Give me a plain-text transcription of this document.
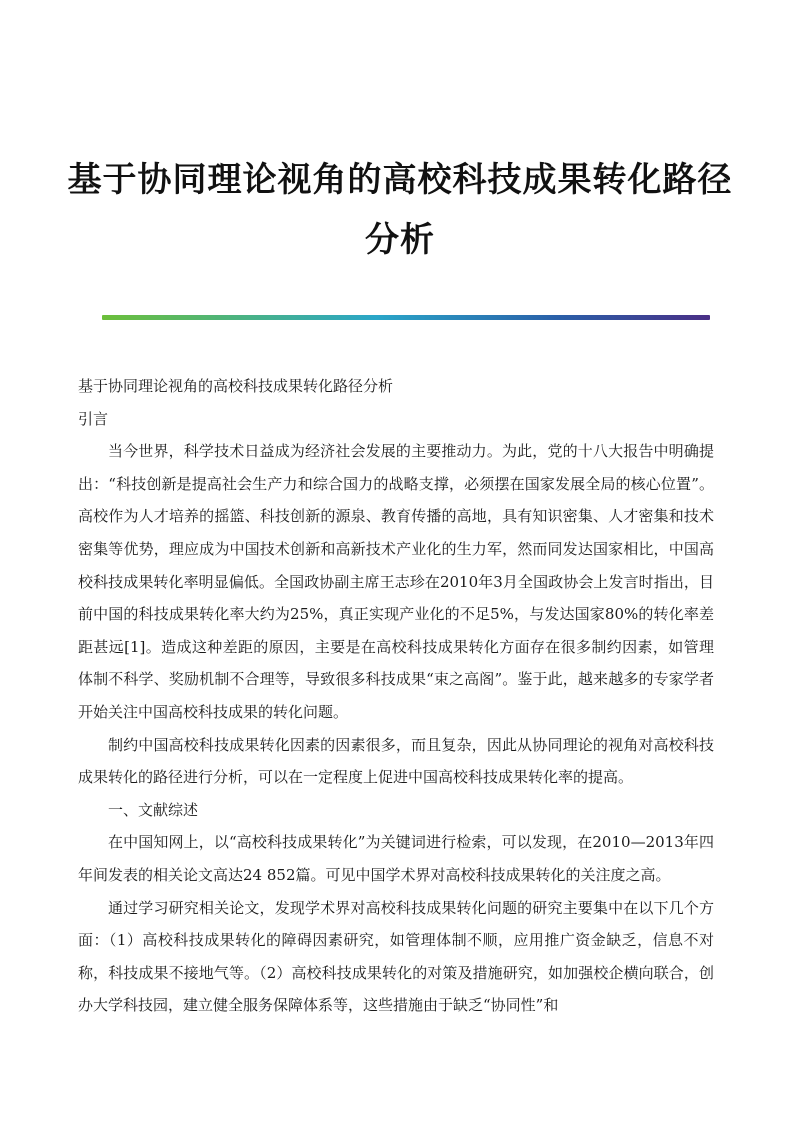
基于协同理论视角的高校科技成果转化路径
分析

基于协同理论视角的高校科技成果转化路径分析

引言

当今世界，科学技术日益成为经济社会发展的主要推动力。为此，党的十八大报告中明确提出：“科技创新是提高社会生产力和综合国力的战略支撑，必须摆在国家发展全局的核心位置”。高校作为人才培养的摇篮、科技创新的源泉、教育传播的高地，具有知识密集、人才密集和技术密集等优势，理应成为中国技术创新和高新技术产业化的生力军，然而同发达国家相比，中国高校科技成果转化率明显偏低。全国政协副主席王志珍在2010年3月全国政协会上发言时指出，目前中国的科技成果转化率大约为25%，真正实现产业化的不足5%，与发达国家80%的转化率差距甚远[1]。造成这种差距的原因，主要是在高校科技成果转化方面存在很多制约因素，如管理体制不科学、奖励机制不合理等，导致很多科技成果“束之高阁”。鉴于此，越来越多的专家学者开始关注中国高校科技成果的转化问题。

制约中国高校科技成果转化因素的因素很多，而且复杂，因此从协同理论的视角对高校科技成果转化的路径进行分析，可以在一定程度上促进中国高校科技成果转化率的提高。

一、文献综述

在中国知网上，以“高校科技成果转化”为关键词进行检索，可以发现，在2010—2013年四年间发表的相关论文高达24 852篇。可见中国学术界对高校科技成果转化的关注度之高。

通过学习研究相关论文，发现学术界对高校科技成果转化问题的研究主要集中在以下几个方面：（1）高校科技成果转化的障碍因素研究，如管理体制不顺，应用推广资金缺乏，信息不对称，科技成果不接地气等。（2）高校科技成果转化的对策及措施研究，如加强校企横向联合，创办大学科技园，建立健全服务保障体系等，这些措施由于缺乏“协同性”和
